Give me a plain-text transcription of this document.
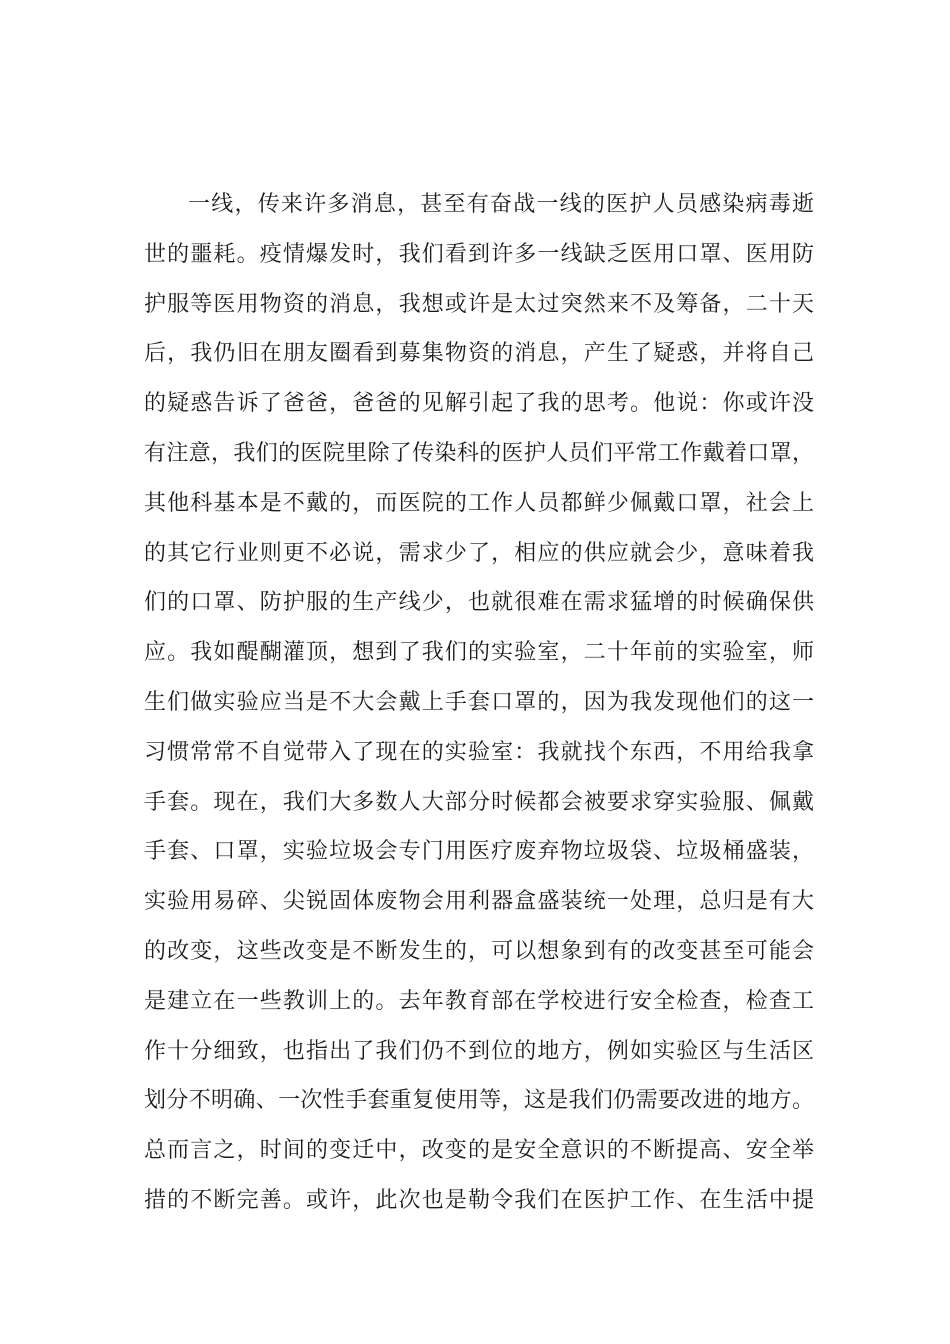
一线，传来许多消息，甚至有奋战一线的医护人员感染病毒逝
世的噩耗。疫情爆发时，我们看到许多一线缺乏医用口罩、医用防
护服等医用物资的消息，我想或许是太过突然来不及筹备，二十天
后，我仍旧在朋友圈看到募集物资的消息，产生了疑惑，并将自己
的疑惑告诉了爸爸，爸爸的见解引起了我的思考。他说：你或许没
有注意，我们的医院里除了传染科的医护人员们平常工作戴着口罩，
其他科基本是不戴的，而医院的工作人员都鲜少佩戴口罩，社会上
的其它行业则更不必说，需求少了，相应的供应就会少，意味着我
们的口罩、防护服的生产线少，也就很难在需求猛增的时候确保供
应。我如醍醐灌顶，想到了我们的实验室，二十年前的实验室，师
生们做实验应当是不大会戴上手套口罩的，因为我发现他们的这一
习惯常常不自觉带入了现在的实验室：我就找个东西，不用给我拿
手套。现在，我们大多数人大部分时候都会被要求穿实验服、佩戴
手套、口罩，实验垃圾会专门用医疗废弃物垃圾袋、垃圾桶盛装，
实验用易碎、尖锐固体废物会用利器盒盛装统一处理，总归是有大
的改变，这些改变是不断发生的，可以想象到有的改变甚至可能会
是建立在一些教训上的。去年教育部在学校进行安全检查，检查工
作十分细致，也指出了我们仍不到位的地方，例如实验区与生活区
划分不明确、一次性手套重复使用等，这是我们仍需要改进的地方。
总而言之，时间的变迁中，改变的是安全意识的不断提高、安全举
措的不断完善。或许，此次也是勒令我们在医护工作、在生活中提
